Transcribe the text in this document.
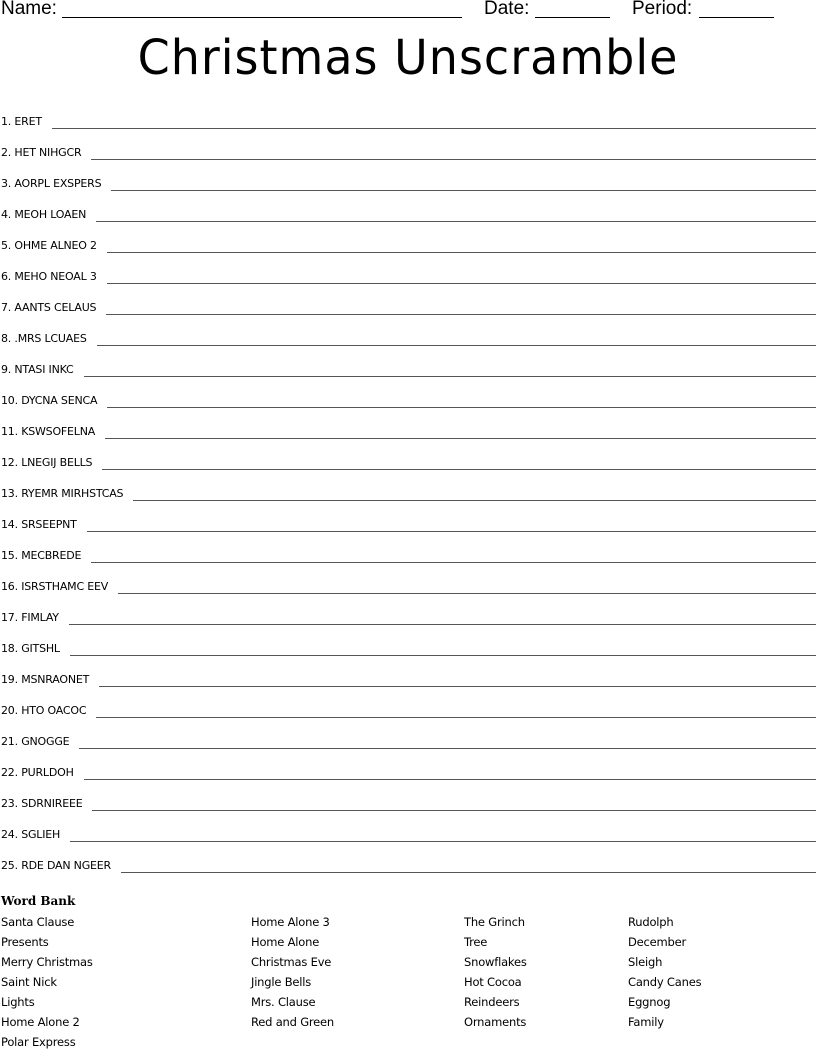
Name:	Date:	Period:
Christmas Unscramble
1. ERET
2. HET NIHGCR
3. AORPL EXSPERS
4. MEOH LOAEN
5. OHME ALNEO 2
6. MEHO NEOAL 3
7. AANTS CELAUS
8. .MRS LCUAES
9. NTASI INKC
10. DYCNA SENCA
11. KSWSOFELNA
12. LNEGIJ BELLS
13. RYEMR MIRHSTCAS
14. SRSEEPNT
15. MECBREDE
16. ISRSTHAMC EEV
17. FIMLAY
18. GITSHL
19. MSNRAONET
20. HTO OACOC
21. GNOGGE
22. PURLDOH
23. SDRNIREEE
24. SGLIEH
25. RDE DAN NGEER
Word Bank
Santa Clause
Presents
Merry Christmas
Saint Nick
Lights
Home Alone 2
Polar Express
Home Alone 3
Home Alone
Christmas Eve
Jingle Bells
Mrs. Clause
Red and Green
The Grinch
Tree
Snowflakes
Hot Cocoa
Reindeers
Ornaments
Rudolph
December
Sleigh
Candy Canes
Eggnog
Family
